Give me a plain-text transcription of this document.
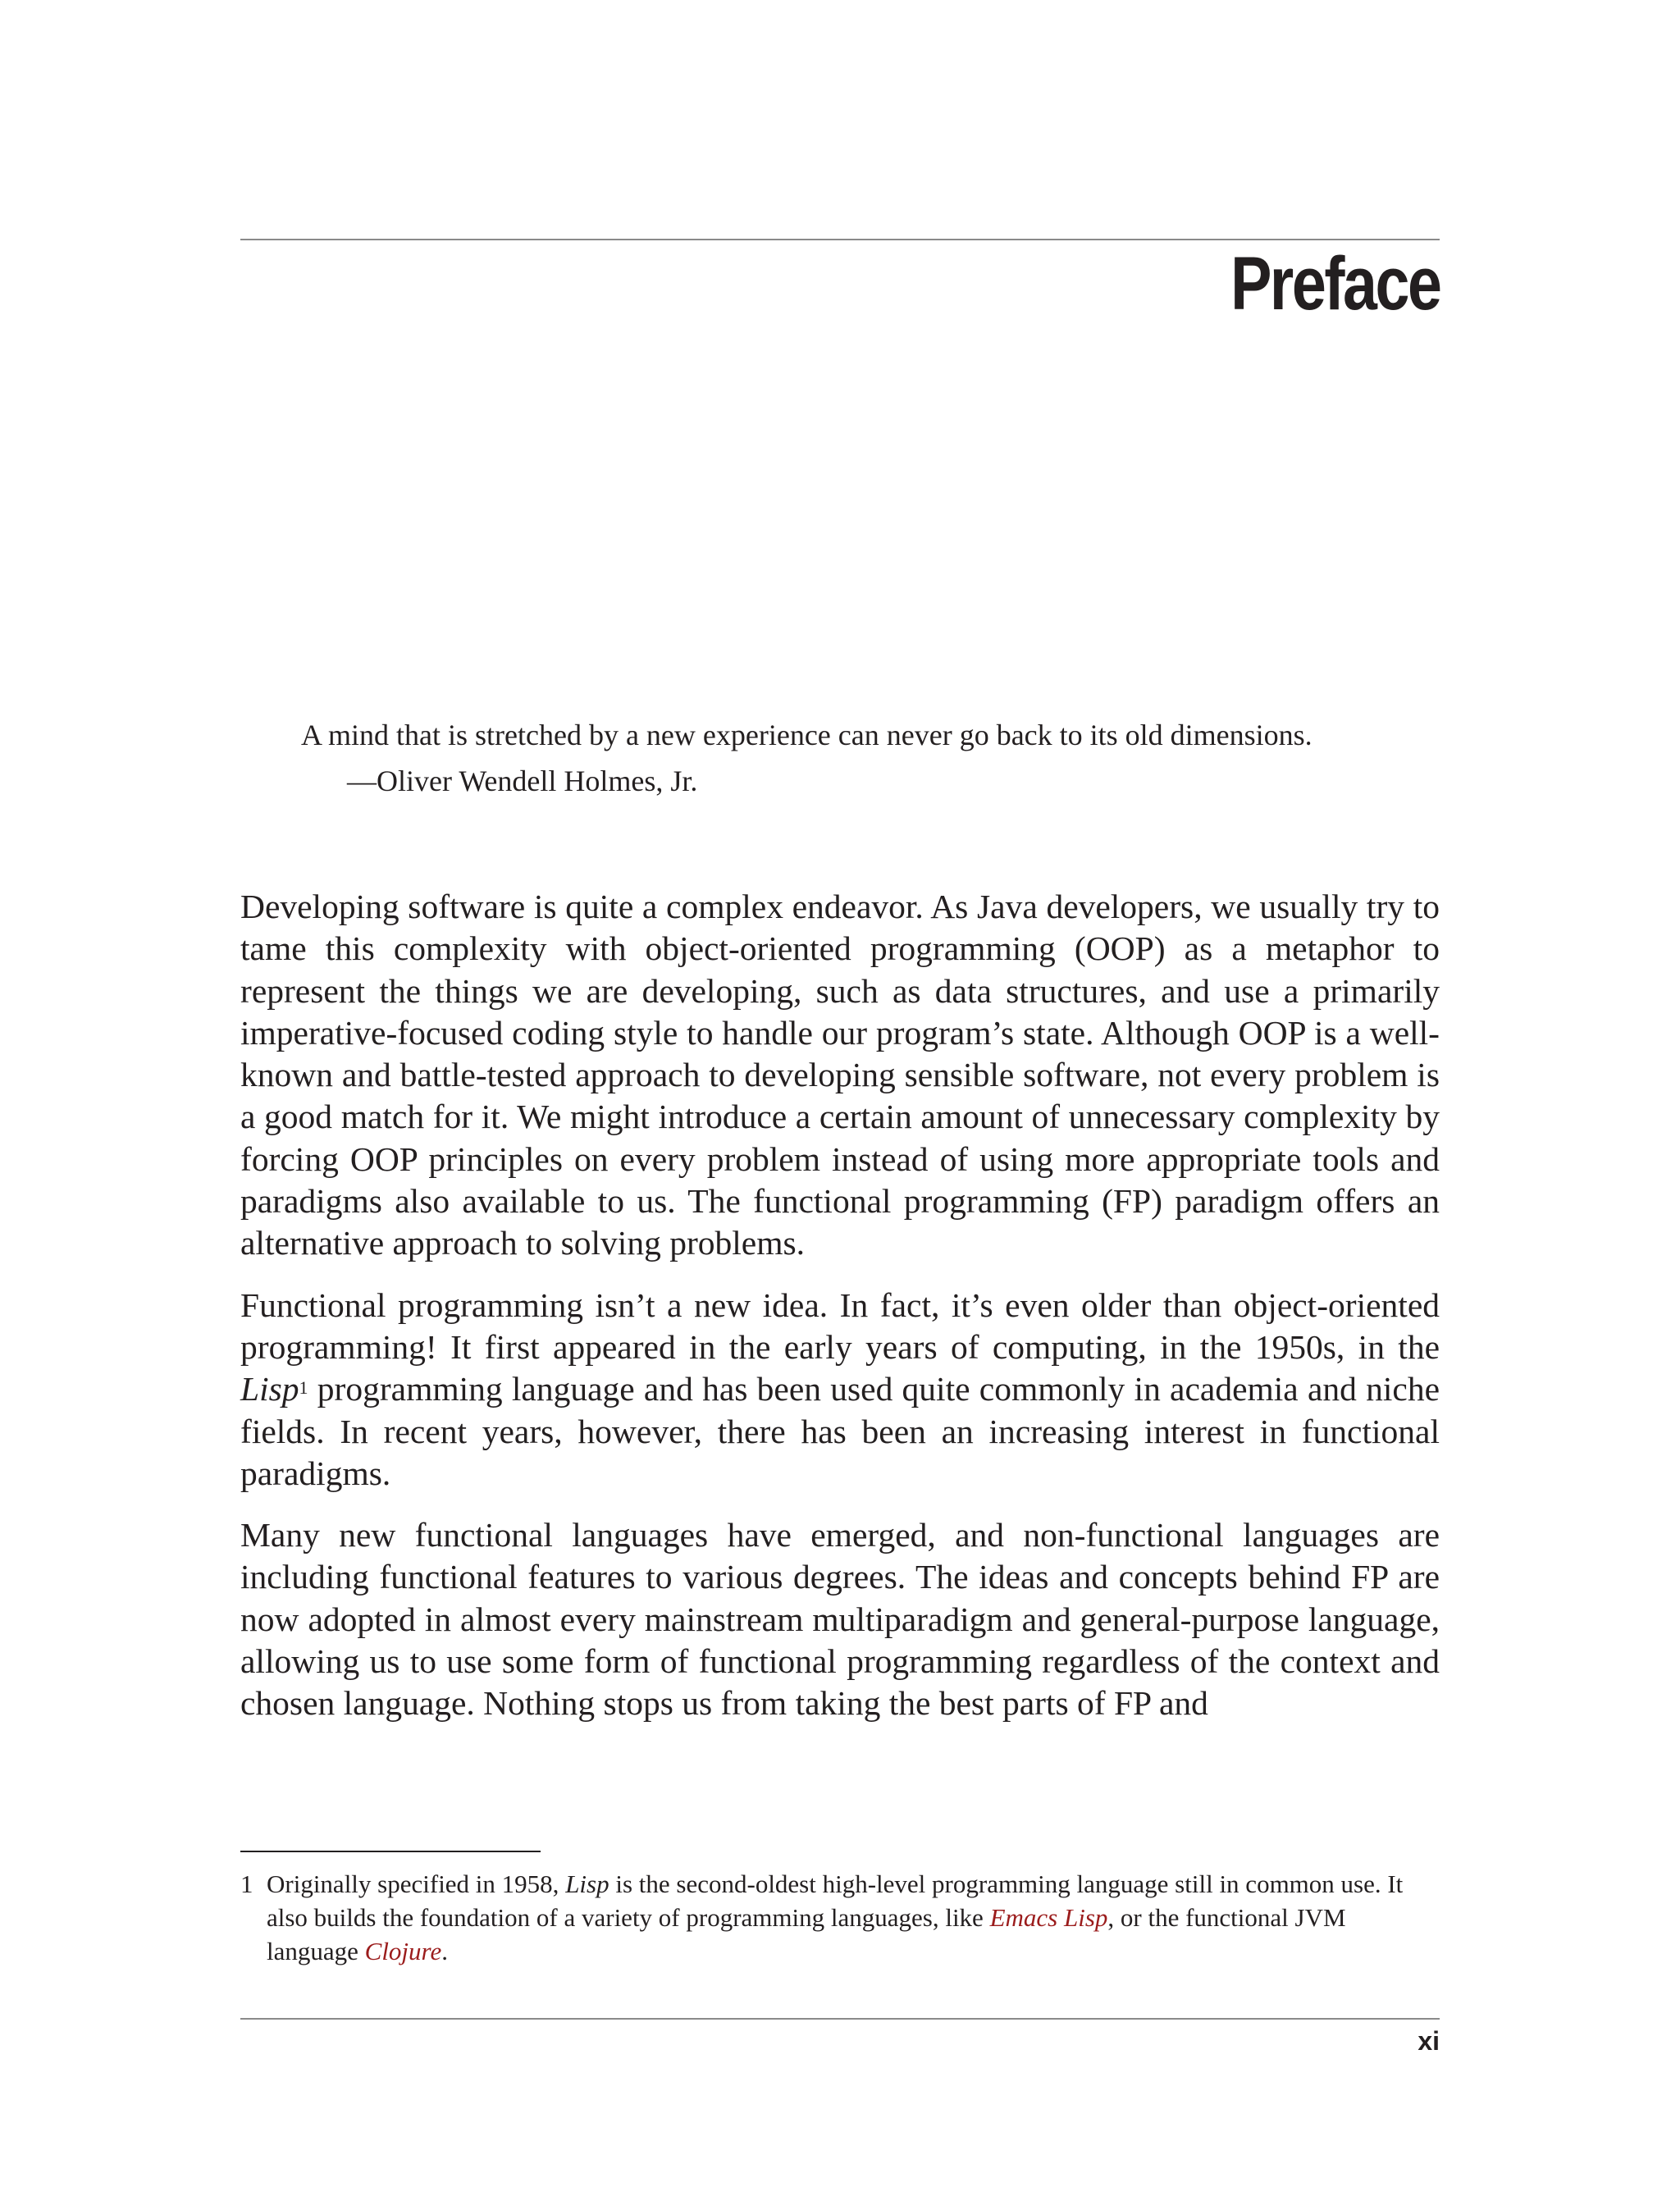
Preface
A mind that is stretched by a new experience can never go back to its old dimensions.
—Oliver Wendell Holmes, Jr.

Developing software is quite a complex endeavor. As Java developers, we usually try to tame this complexity with object-oriented programming (OOP) as a metaphor to represent the things we are developing, such as data structures, and use a primarily imperative-focused coding style to handle our program’s state. Although OOP is a well-known and battle-tested approach to developing sensible software, not every problem is a good match for it. We might introduce a certain amount of unnecessary complexity by forcing OOP principles on every problem instead of using more appropriate tools and paradigms also available to us. The functional programming (FP) paradigm offers an alternative approach to solving problems.

Functional programming isn’t a new idea. In fact, it’s even older than object-oriented programming! It first appeared in the early years of computing, in the 1950s, in the Lisp$^1$ programming language and has been used quite commonly in academia and niche fields. In recent years, however, there has been an increasing interest in functional paradigms.

Many new functional languages have emerged, and non-functional languages are including functional features to various degrees. The ideas and concepts behind FP are now adopted in almost every mainstream multiparadigm and general-purpose language, allowing us to use some form of functional programming regardless of the context and chosen language. Nothing stops us from taking the best parts of FP and

1 Originally specified in 1958, Lisp is the second-oldest high-level programming language still in common use. It also builds the foundation of a variety of programming languages, like Emacs Lisp, or the functional JVM language Clojure.
xi
